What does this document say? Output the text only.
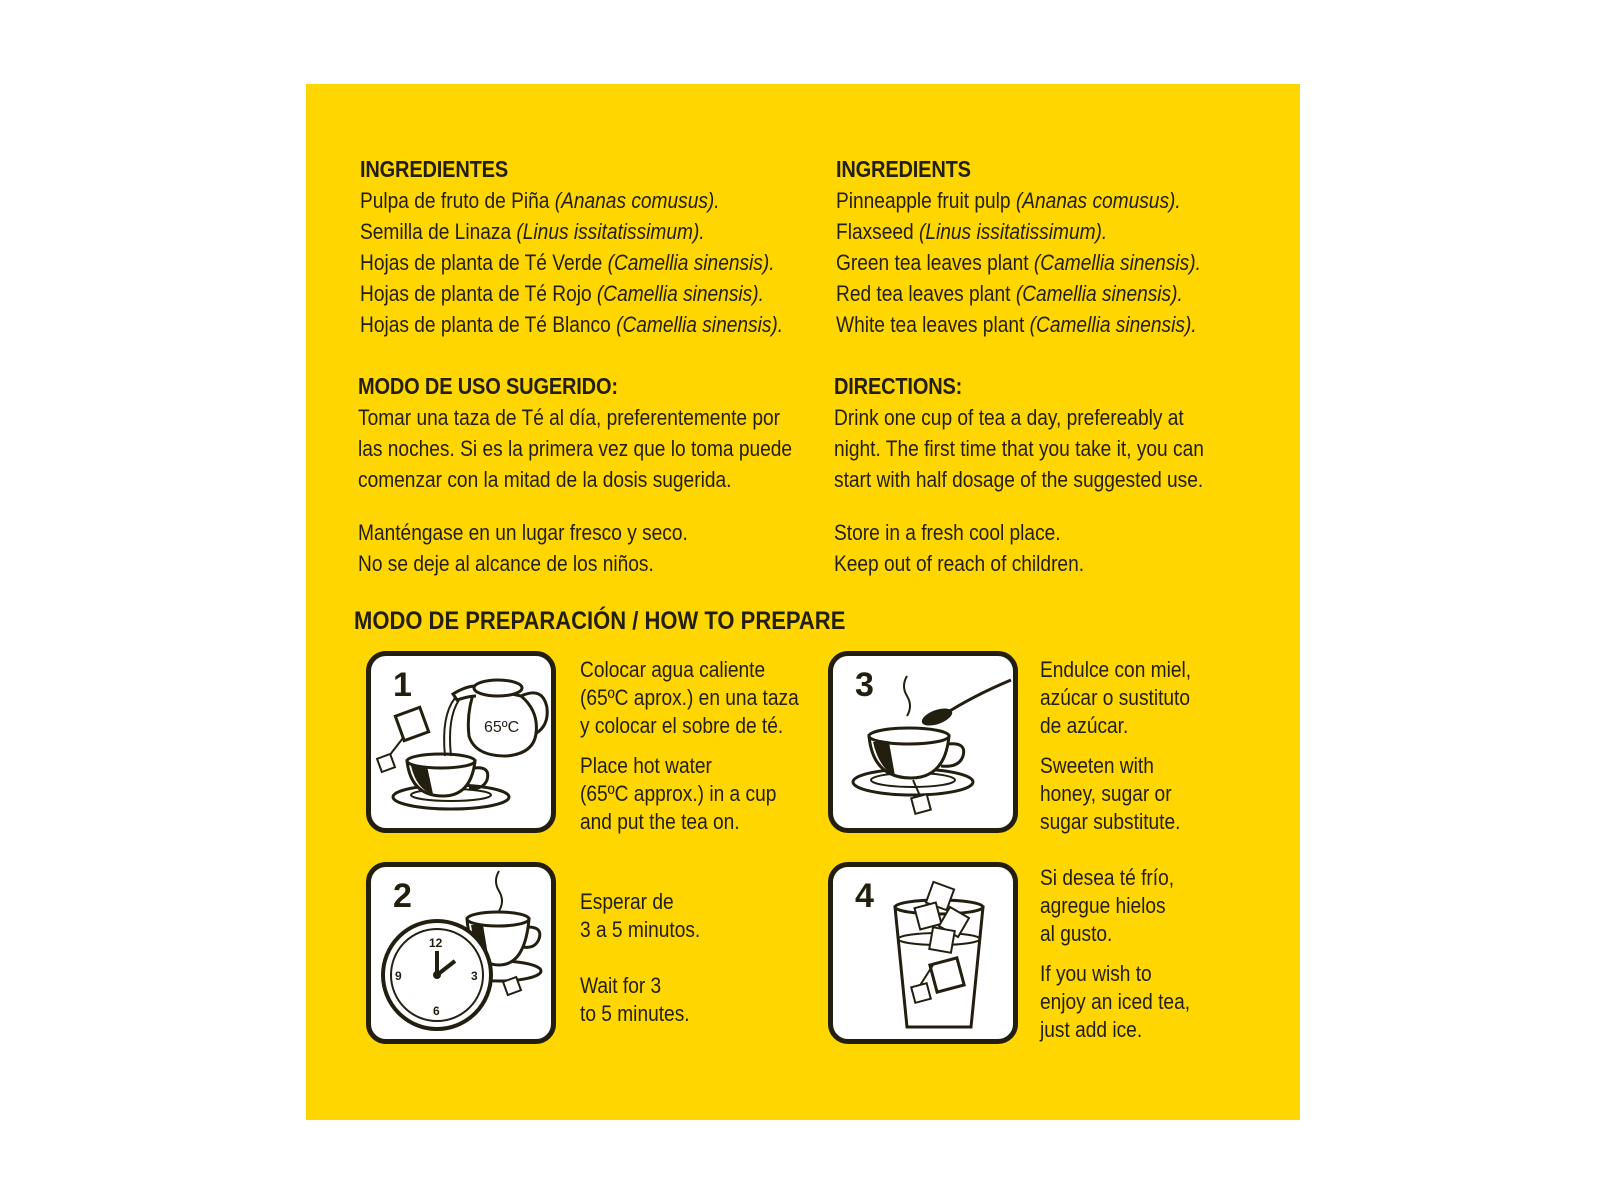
INGREDIENTES
Pulpa de fruto de Piña (Ananas comusus).
Semilla de Linaza (Linus issitatissimum).
Hojas de planta de Té Verde (Camellia sinensis).
Hojas de planta de Té Rojo (Camellia sinensis).
Hojas de planta de Té Blanco (Camellia sinensis).
INGREDIENTS
Pinneapple fruit pulp (Ananas comusus).
Flaxseed (Linus issitatissimum).
Green tea leaves plant (Camellia sinensis).
Red tea leaves plant (Camellia sinensis).
White tea leaves plant (Camellia sinensis).
MODO DE USO SUGERIDO:
Tomar una taza de Té al día, preferentemente por
las noches. Si es la primera vez que lo toma puede
comenzar con la mitad de la dosis sugerida.
DIRECTIONS:
Drink one cup of tea a day, prefereably at
night. The first time that you take it, you can
start with half dosage of the suggested use.
Manténgase en un lugar fresco y seco.
No se deje al alcance de los niños.
Store in a fresh cool place.
Keep out of reach of children.
MODO DE PREPARACIÓN / HOW TO PREPARE
65ºC
1	Colocar agua caliente
(65ºC aprox.) en una taza
y colocar el sobre de té.
Place hot water
(65ºC approx.) in a cup
and put the tea on.
12
3
6
9
2	Esperar de
3 a 5 minutos.
Wait for 3
to 5 minutes.
3	Endulce con miel,
azúcar o sustituto
de azúcar.
Sweeten with
honey, sugar or
sugar substitute.
4	Si desea té frío,
agregue hielos
al gusto.
If you wish to
enjoy an iced tea,
just add ice.
